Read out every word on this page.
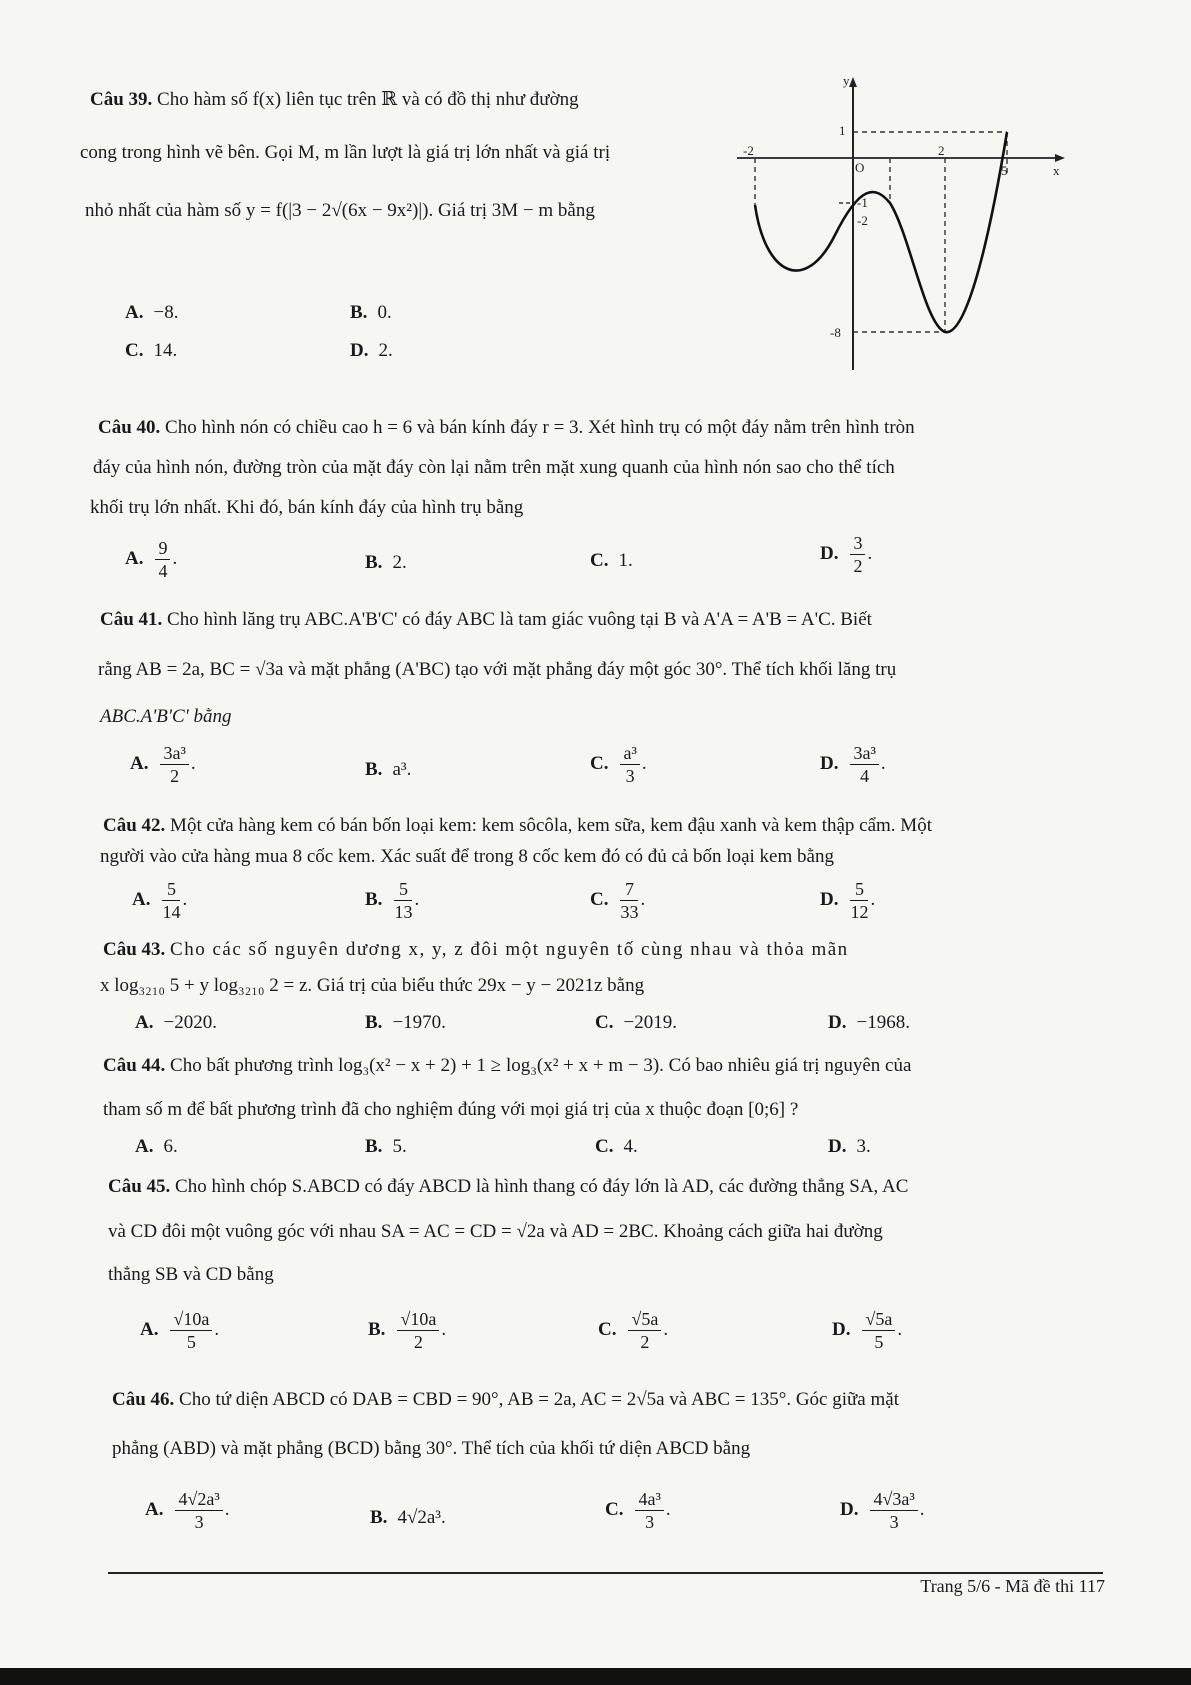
Câu 39. Cho hàm số f(x) liên tục trên ℝ và có đồ thị như đường
cong trong hình vẽ bên. Gọi M, m lần lượt là giá trị lớn nhất và giá trị
nhỏ nhất của hàm số y = f(|3 − 2√(6x − 9x²)|). Giá trị 3M − m bằng
A. −8.	B. 0.
C. 14.	D. 2.
y
x
O
1
-2	2
5
-1
-2
-8
Câu 40. Cho hình nón có chiều cao h = 6 và bán kính đáy r = 3. Xét hình trụ có một đáy nằm trên hình tròn
đáy của hình nón, đường tròn của mặt đáy còn lại nằm trên mặt xung quanh của hình nón sao cho thể tích
khối trụ lớn nhất. Khi đó, bán kính đáy của hình trụ bằng
A. $\frac{9}{4}$ .	B. 2.	C. 1.	D. $\frac{3}{2}$ .
Câu 41. Cho hình lăng trụ ABC.A'B'C' có đáy ABC là tam giác vuông tại B và A'A = A'B = A'C. Biết
rằng AB = 2a, BC = √3a và mặt phẳng (A'BC) tạo với mặt phẳng đáy một góc 30°. Thể tích khối lăng trụ
ABC.A'B'C' bằng
A. $\frac{\text{3a³}}{2}$ .	B. a³.	C. $\frac{\text{a³}}{3}$ .	D. $\frac{\text{3a³}}{4}$ .
Câu 42. Một cửa hàng kem có bán bốn loại kem: kem sôcôla, kem sữa, kem đậu xanh và kem thập cẩm. Một
người vào cửa hàng mua 8 cốc kem. Xác suất để trong 8 cốc kem đó có đủ cả bốn loại kem bằng
A. $\frac{5}{14}$ .	B. $\frac{5}{13}$ .	C. $\frac{7}{33}$ .	D. $\frac{5}{12}$ .
Câu 43. Cho các số nguyên dương x, y, z đôi một nguyên tố cùng nhau và thỏa mãn
x log₃₂₁₀ 5 + y log₃₂₁₀ 2 = z. Giá trị của biểu thức 29x − y − 2021z bằng
A. −2020.	B. −1970.	C. −2019.	D. −1968.
Câu 44. Cho bất phương trình log₃(x² − x + 2) + 1 ≥ log₃(x² + x + m − 3). Có bao nhiêu giá trị nguyên của
tham số m để bất phương trình đã cho nghiệm đúng với mọi giá trị của x thuộc đoạn [0;6] ?
A. 6.	B. 5.	C. 4.	D. 3.
Câu 45. Cho hình chóp S.ABCD có đáy ABCD là hình thang có đáy lớn là AD, các đường thẳng SA, AC
và CD đôi một vuông góc với nhau SA = AC = CD = √2a và AD = 2BC. Khoảng cách giữa hai đường
thẳng SB và CD bằng
A. $\frac{√10a}{5}$ .	B. $\frac{√10a}{2}$ .	C. $\frac{√5a}{2}$ .	D. $\frac{√5a}{5}$ .
Câu 46. Cho tứ diện ABCD có DAB = CBD = 90°, AB = 2a, AC = 2√5a và ABC = 135°. Góc giữa mặt
phẳng (ABD) và mặt phẳng (BCD) bằng 30°. Thể tích của khối tứ diện ABCD bằng
A. $\frac{\text{4√2a³}}{3}$ .	B. 4√2a³.	C. $\frac{\text{4a³}}{3}$ .	D. $\frac{\text{4√3a³}}{3}$ .
Trang 5/6 - Mã đề thi 117
